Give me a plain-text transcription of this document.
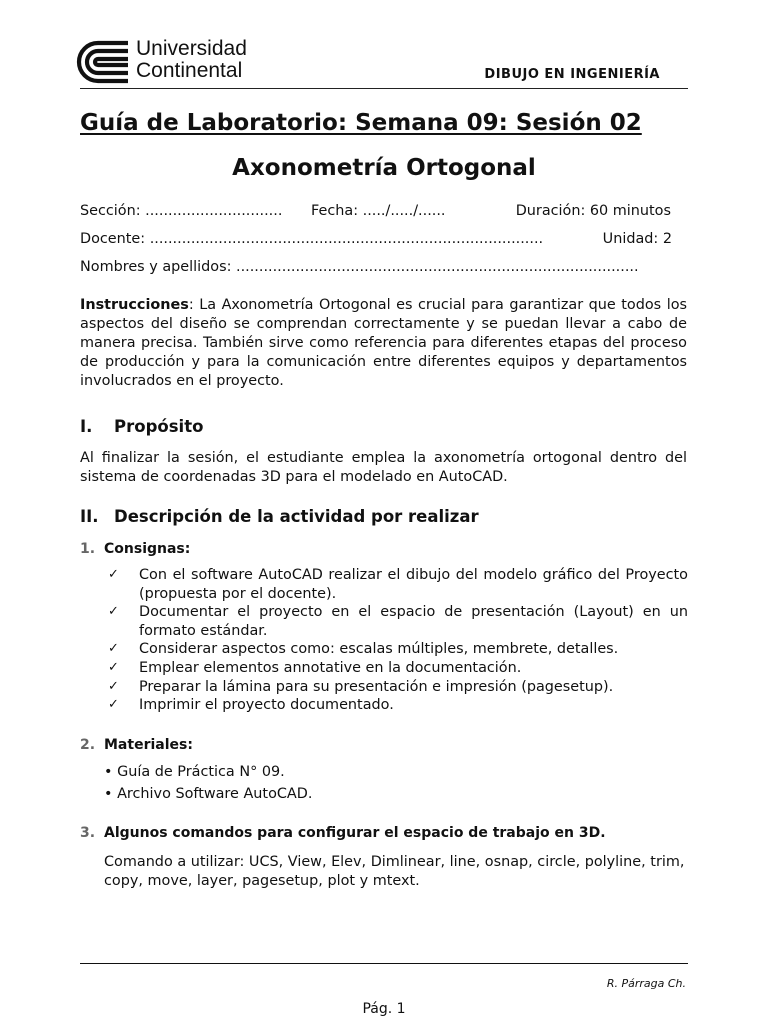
Universidad
Continental	DIBUJO EN INGENIERÍA
Guía de Laboratorio: Semana 09: Sesión 02
Axonometría Ortogonal
Sección: .............................. Fecha: ...../...../......	Duración: 60 minutos
Docente: ......................................................................................	Unidad: 2
Nombres y apellidos: ........................................................................................
Instrucciones: La Axonometría Ortogonal es crucial para garantizar que todos los aspectos del diseño se comprendan correctamente y se puedan llevar a cabo de manera precisa. También sirve como referencia para diferentes etapas del proceso de producción y para la comunicación entre diferentes equipos y departamentos involucrados en el proyecto.
I. Propósito
Al finalizar la sesión, el estudiante emplea la axonometría ortogonal dentro del sistema de coordenadas 3D para el modelado en AutoCAD.
II. Descripción de la actividad por realizar
1. Consignas:
✓ Con el software AutoCAD realizar el dibujo del modelo gráfico del Proyecto (propuesta por el docente).
✓ Documentar el proyecto en el espacio de presentación (Layout) en un formato estándar.
✓ Considerar aspectos como: escalas múltiples, membrete, detalles.
✓ Emplear elementos annotative en la documentación.
✓ Preparar la lámina para su presentación e impresión (pagesetup).
✓ Imprimir el proyecto documentado.
2. Materiales:
• Guía de Práctica N° 09.
• Archivo Software AutoCAD.
3. Algunos comandos para configurar el espacio de trabajo en 3D.
Comando a utilizar: UCS, View, Elev, Dimlinear, line, osnap, circle, polyline, trim, copy, move, layer, pagesetup, plot y mtext.
R. Párraga Ch.
Pág. 1
